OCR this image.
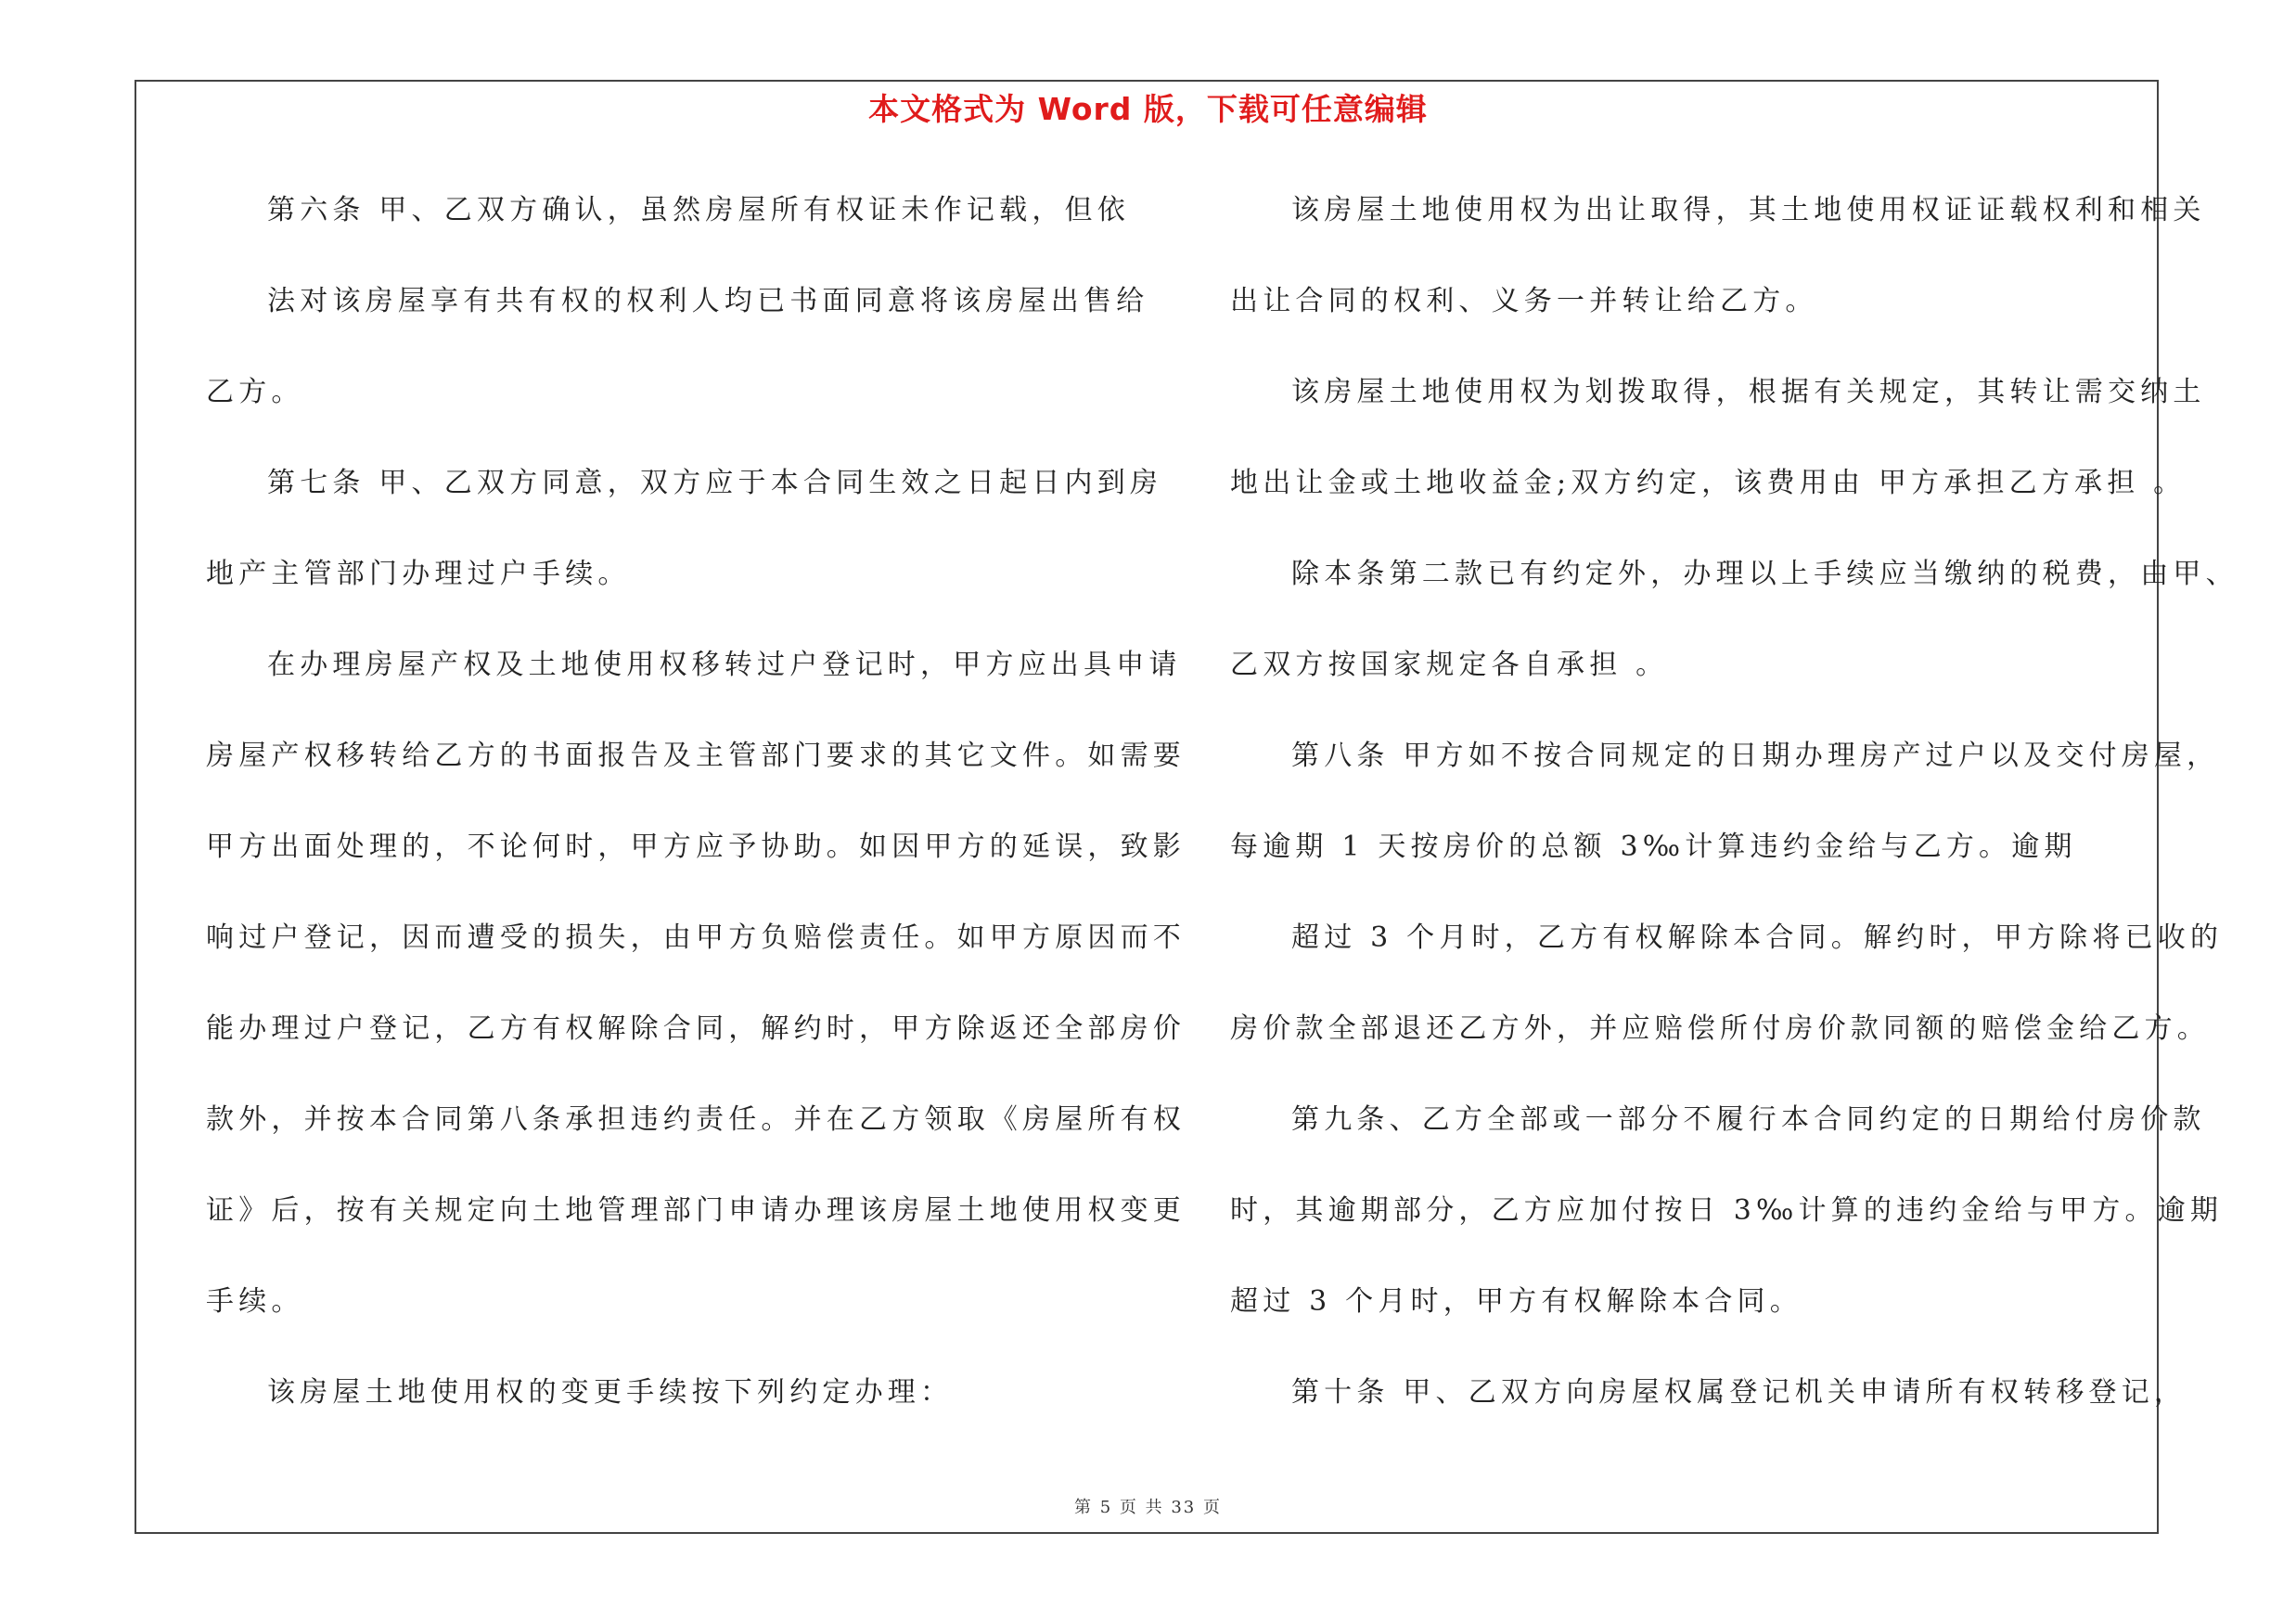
本文格式为 Word 版，下载可任意编辑
第六条 甲、乙双方确认，虽然房屋所有权证未作记载，但依
法对该房屋享有共有权的权利人均已书面同意将该房屋出售给
乙方。
第七条 甲、乙双方同意，双方应于本合同生效之日起日内到房
地产主管部门办理过户手续。
在办理房屋产权及土地使用权移转过户登记时，甲方应出具申请
房屋产权移转给乙方的书面报告及主管部门要求的其它文件。如需要
甲方出面处理的，不论何时，甲方应予协助。如因甲方的延误，致影
响过户登记，因而遭受的损失，由甲方负赔偿责任。如甲方原因而不
能办理过户登记，乙方有权解除合同，解约时，甲方除返还全部房价
款外，并按本合同第八条承担违约责任。并在乙方领取《房屋所有权
证》后，按有关规定向土地管理部门申请办理该房屋土地使用权变更
手续。
该房屋土地使用权的变更手续按下列约定办理：
该房屋土地使用权为出让取得，其土地使用权证证载权利和相关
出让合同的权利、义务一并转让给乙方。
该房屋土地使用权为划拨取得，根据有关规定，其转让需交纳土
地出让金或土地收益金;双方约定，该费用由 甲方承担乙方承担 。
除本条第二款已有约定外，办理以上手续应当缴纳的税费，由甲、
乙双方按国家规定各自承担 。
第八条 甲方如不按合同规定的日期办理房产过户以及交付房屋，
每逾期 1 天按房价的总额 3‰计算违约金给与乙方。逾期
超过 3 个月时，乙方有权解除本合同。解约时，甲方除将已收的
房价款全部退还乙方外，并应赔偿所付房价款同额的赔偿金给乙方。
第九条、乙方全部或一部分不履行本合同约定的日期给付房价款
时，其逾期部分，乙方应加付按日 3‰计算的违约金给与甲方。逾期
超过 3 个月时，甲方有权解除本合同。
第十条 甲、乙双方向房屋权属登记机关申请所有权转移登记，
第 5 页 共 33 页
